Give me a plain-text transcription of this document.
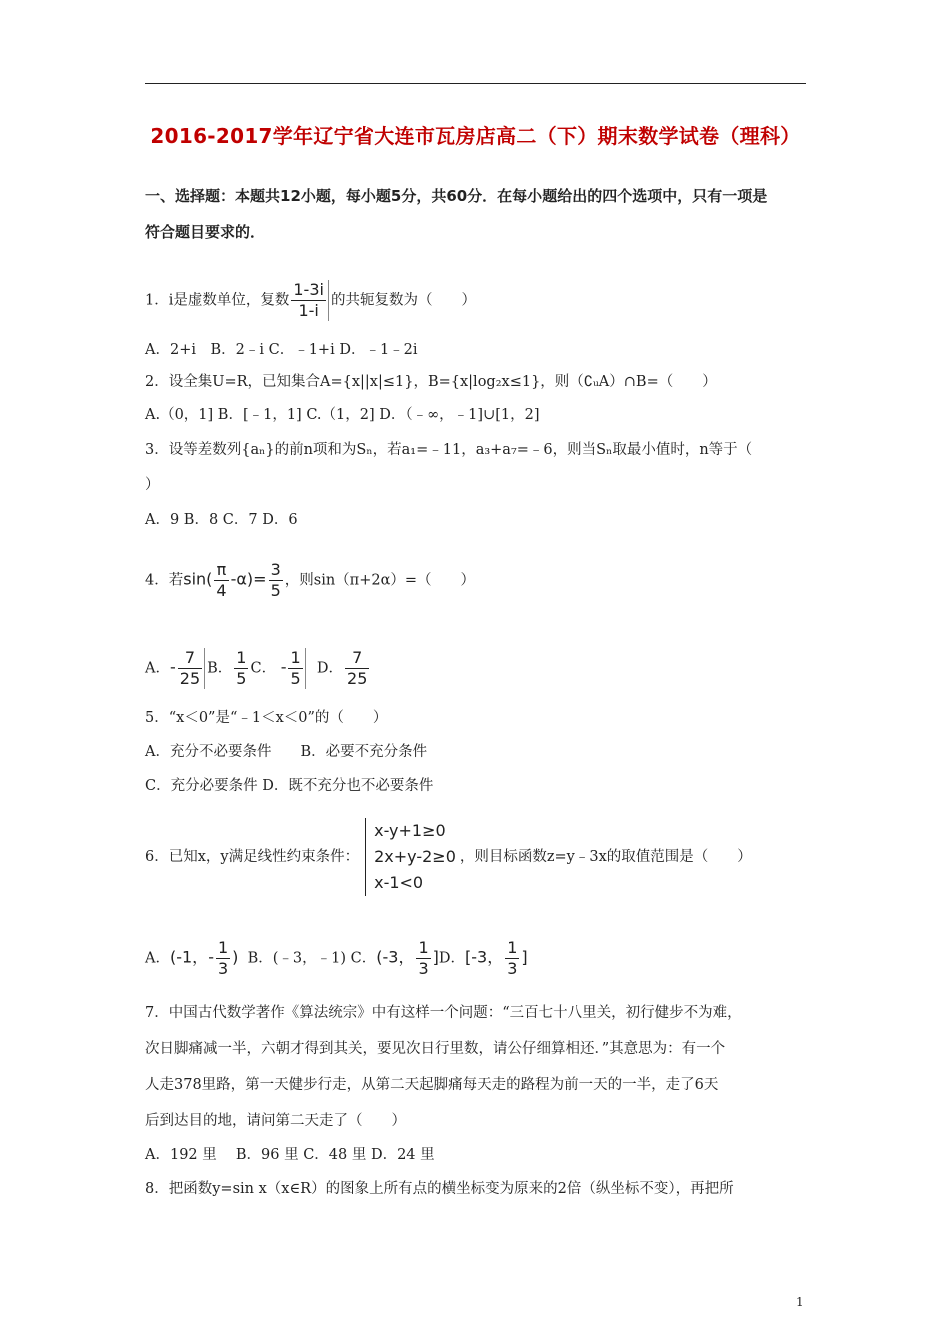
2016-2017学年辽宁省大连市瓦房店高二（下）期末数学试卷（理科）
一、选择题：本题共12小题，每小题5分，共60分．在每小题给出的四个选项中，只有一项是
符合题目要求的．
1．i是虚数单位，复数 $\frac{1-3i}{1-i}$ 的共轭复数为（　　）
A．2+i　B．2﹣i C．﹣1+i D．﹣1﹣2i
2．设全集U=R，已知集合A={x||x|≤1}，B={x|log₂x≤1}，则（∁ᵤA）∩B=（　　）
A.（0，1] B．[﹣1，1] C.（1，2] D．（﹣∞，﹣1]∪[1，2]
3．设等差数列{aₙ}的前n项和为Sₙ，若a₁=﹣11，a₃+a₇=﹣6，则当Sₙ取最小值时，n等于（
）
A．9 B．8 C．7 D．6
4．若$\sin( \frac{\pi}{4} -\alpha)= \frac{3}{5}$ ，则sin（π+2α）=（　　）
A．- $\frac{7}{25}$ B． $\frac{1}{5}$ C． - $\frac{1}{5}$ D． $\frac{7}{25}$
5．“x＜0”是“﹣1＜x＜0”的（　　）
A．充分不必要条件　　B．必要不充分条件
C．充分必要条件 D．既不充分也不必要条件
6．已知x，y满足线性约束条件：
x-y+1≥0
2x+y-2≥0
x-1<0
，则目标函数z=y﹣3x的取值范围是（　　）
A．(-1，- $\frac{1}{3}$ ) B．(﹣3，﹣1) C．(-3， $\frac{1}{3} ]D$．[-3， $\frac{1}{3}$ ]
7．中国古代数学著作《算法统宗》中有这样一个问题：“三百七十八里关，初行健步不为难，
次日脚痛减一半，六朝才得到其关，要见次日行里数，请公仔细算相还．”其意思为：有一个
人走378里路，第一天健步行走，从第二天起脚痛每天走的路程为前一天的一半，走了6天
后到达目的地，请问第二天走了（　　）
A．192 里　 B．96 里 C．48 里 D．24 里
8．把函数y=sin x（x∈R）的图象上所有点的横坐标变为原来的2倍（纵坐标不变），再把所
1
